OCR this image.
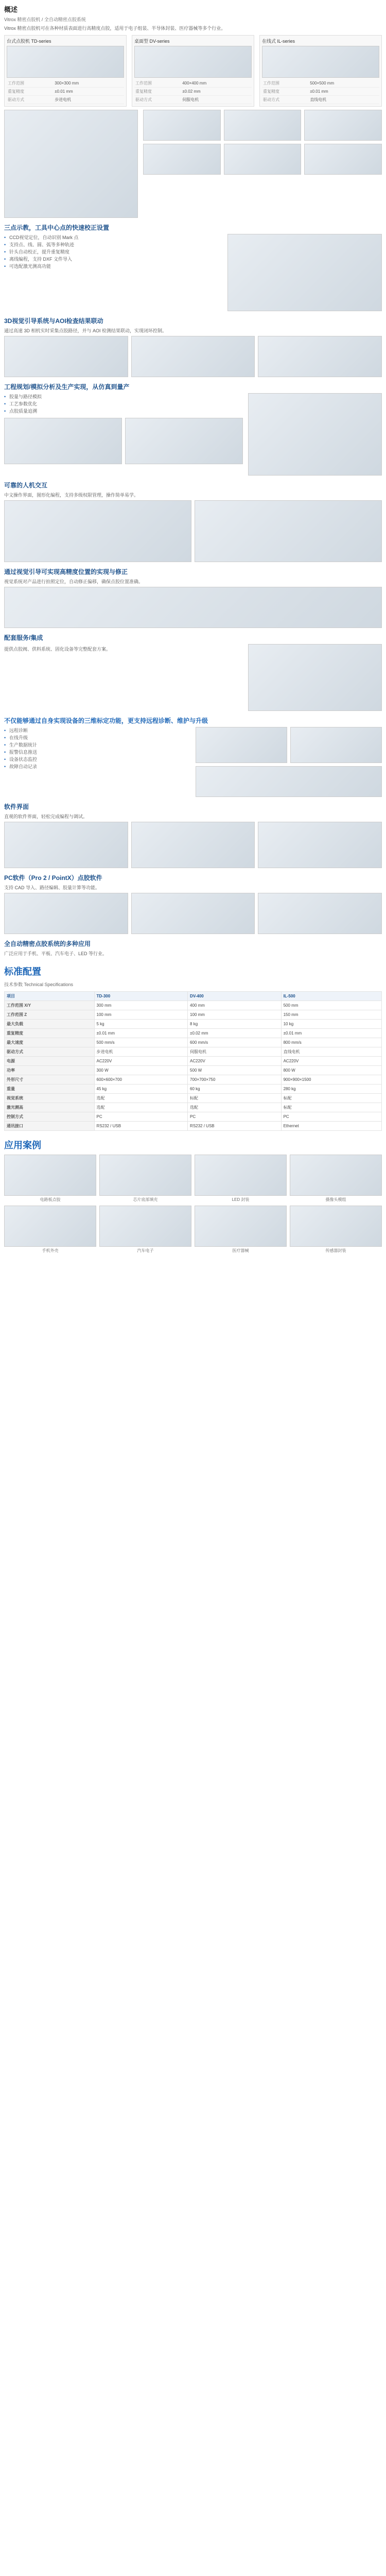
概述
Vitrox 精密点胶机 / 全自动精密点胶系统
Vitrox 精密点胶机可在各种材质表面进行高精度点胶，适用于电子组装、半导体封装、医疗器械等多个行业。
台式点胶机 TD-series
工作范围	300×300 mm
重复精度	±0.01 mm
驱动方式	步进电机
桌面型 DV-series
工作范围	400×400 mm
重复精度	±0.02 mm
驱动方式	伺服电机
在线式 IL-series
工作范围	500×500 mm
重复精度	±0.01 mm
驱动方式	直线电机
三点示教，工具中心点的快速校正设置
• CCD视觉定位，自动识别 Mark 点
• 支持点、线、圆、弧等多种轨迹
• 针头自动校正，提升重复精度
• 离线编程，支持 DXF 文件导入
• 可选配激光测高功能
3D视觉引导系统与AOI检查结果联动
通过高速 3D 相机实时采集点胶路径，并与 AOI 检测结果联动，实现闭环控制。
工程规划/模拟分析及生产实现，从仿真到量产
• 胶量与路径模拟
• 工艺参数优化
• 点胶质量追溯
可靠的人机交互
中文操作界面，图形化编程，支持多级权限管理，操作简单易学。
通过视觉引导可实现高精度位置的实现与修正
视觉系统对产品进行拍照定位，自动修正偏移，确保点胶位置准确。
配套服务/集成
提供点胶阀、供料系统、固化设备等完整配套方案。
不仅能够通过自身实现设备的三维标定功能，更支持远程诊断、维护与升级
• 远程诊断
• 在线升级
• 生产数据统计
• 报警信息推送
• 设备状态监控
• 故障自动记录
软件界面
直观的软件界面，轻松完成编程与调试。
PC软件（Pro 2 / PointX）点胶软件
支持 CAD 导入、路径编辑、胶量计算等功能。
全自动精密点胶系统的多种应用
广泛应用于手机、平板、汽车电子、LED 等行业。
标准配置
技术参数 Technical Specifications
项目	TD-300	DV-400	IL-500
工作范围 X/Y	300 mm	400 mm	500 mm
工作范围 Z	100 mm	100 mm	150 mm
最大负载	5 kg	8 kg	10 kg
重复精度	±0.01 mm	±0.02 mm	±0.01 mm
最大速度	500 mm/s	600 mm/s	800 mm/s
驱动方式	步进电机	伺服电机	直线电机
电源	AC220V	AC220V	AC220V
功率	300 W	500 W	800 W
外形尺寸	600×600×700	700×700×750	900×900×1500
重量	45 kg	60 kg	280 kg
视觉系统	选配	标配	标配
激光测高	选配	选配	标配
控制方式	PC	PC	PC
通讯接口	RS232 / USB	RS232 / USB	Ethernet
应用案例
电路板点胶	芯片底部填充	LED 封装	摄像头模组
手机外壳	汽车电子	医疗器械	传感器封装
